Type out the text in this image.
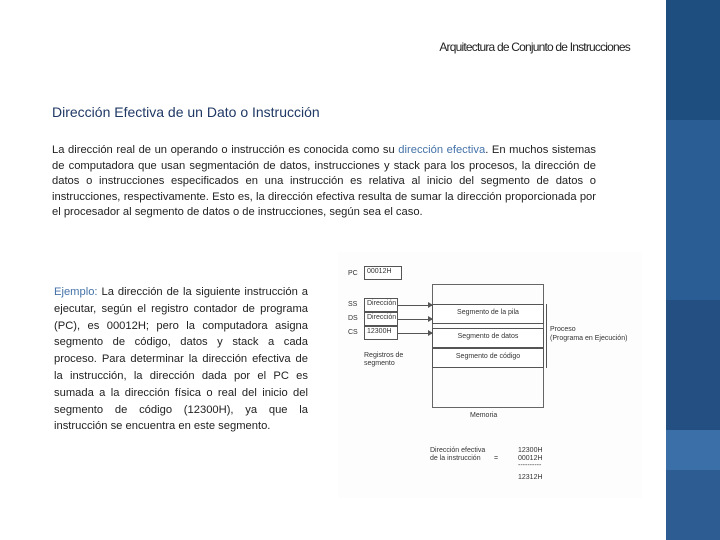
Arquitectura de Conjunto de Instrucciones
Dirección Efectiva de un Dato o Instrucción
La dirección real de un operando o instrucción es conocida como su dirección efectiva. En muchos sistemas de computadora que usan segmentación de datos, instrucciones y stack para los procesos, la dirección de datos o instrucciones especificados en una instrucción es relativa al inicio del segmento de datos o instrucciones, respectivamente. Esto es, la dirección efectiva resulta de sumar la dirección proporcionada por el procesador al segmento de datos o de instrucciones, según sea el caso.
Ejemplo: La dirección de la siguiente instrucción a ejecutar, según el registro contador de programa (PC), es 00012H; pero la computadora asigna segmento de código, datos y stack a cada proceso. Para determinar la dirección efectiva de la instrucción, la dirección dada por el PC es sumada a la dirección física o real del inicio del segmento de código (12300H), ya que la instrucción se encuentra en este segmento.
PC	00012H
SS
DS
CS
Dirección
Dirección
12300H
Registros de segmento
Segmento de la pila
Segmento de datos
Segmento de código
Proceso
(Programa en Ejecución)
Memoria
Dirección efectiva
de la instrucción =
12300H
00012H
----------
12312H
